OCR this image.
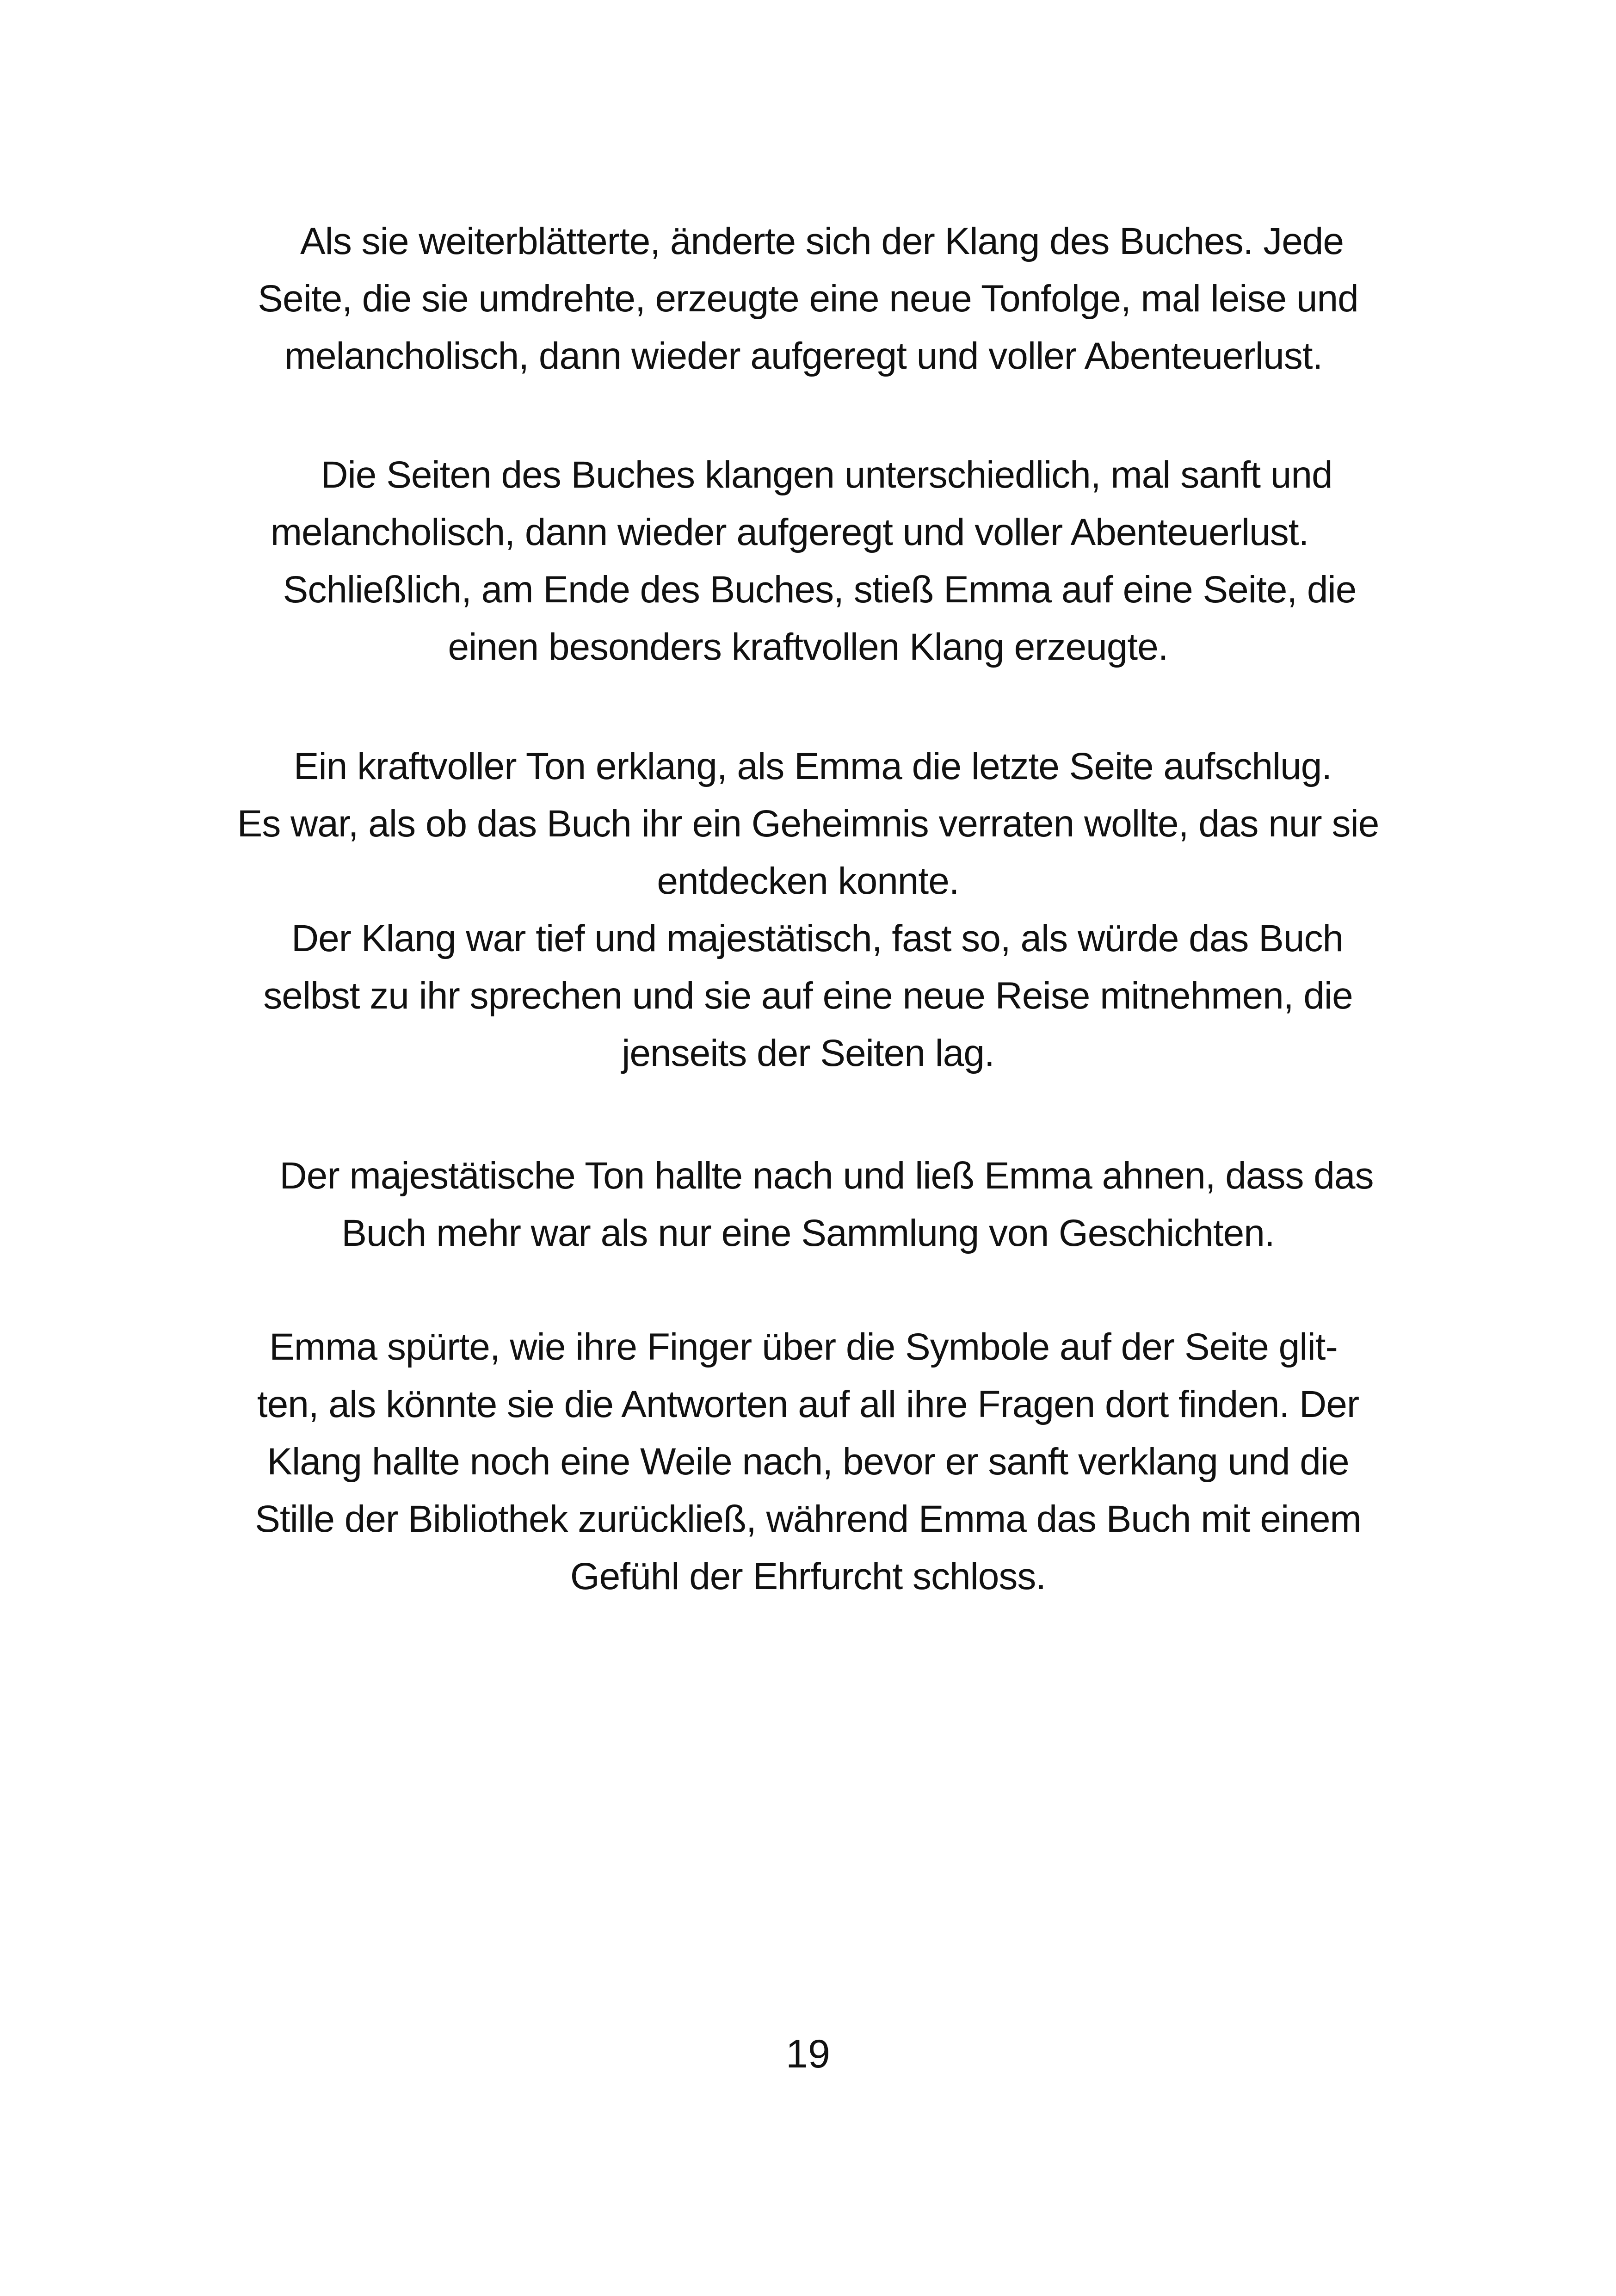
Als sie weiterblätterte, änderte sich der Klang des Buches. Jede
Seite, die sie umdrehte, erzeugte eine neue Tonfolge, mal leise und
melancholisch, dann wieder aufgeregt und voller Abenteuerlust.
Die Seiten des Buches klangen unterschiedlich, mal sanft und
melancholisch, dann wieder aufgeregt und voller Abenteuerlust.
Schließlich, am Ende des Buches, stieß Emma auf eine Seite, die
einen besonders kraftvollen Klang erzeugte.
Ein kraftvoller Ton erklang, als Emma die letzte Seite aufschlug.
Es war, als ob das Buch ihr ein Geheimnis verraten wollte, das nur sie
entdecken konnte.
Der Klang war tief und majestätisch, fast so, als würde das Buch
selbst zu ihr sprechen und sie auf eine neue Reise mitnehmen, die
jenseits der Seiten lag.
Der majestätische Ton hallte nach und ließ Emma ahnen, dass das
Buch mehr war als nur eine Sammlung von Geschichten.
Emma spürte, wie ihre Finger über die Symbole auf der Seite glit-
ten, als könnte sie die Antworten auf all ihre Fragen dort finden. Der
Klang hallte noch eine Weile nach, bevor er sanft verklang und die
Stille der Bibliothek zurückließ, während Emma das Buch mit einem
Gefühl der Ehrfurcht schloss.
19
